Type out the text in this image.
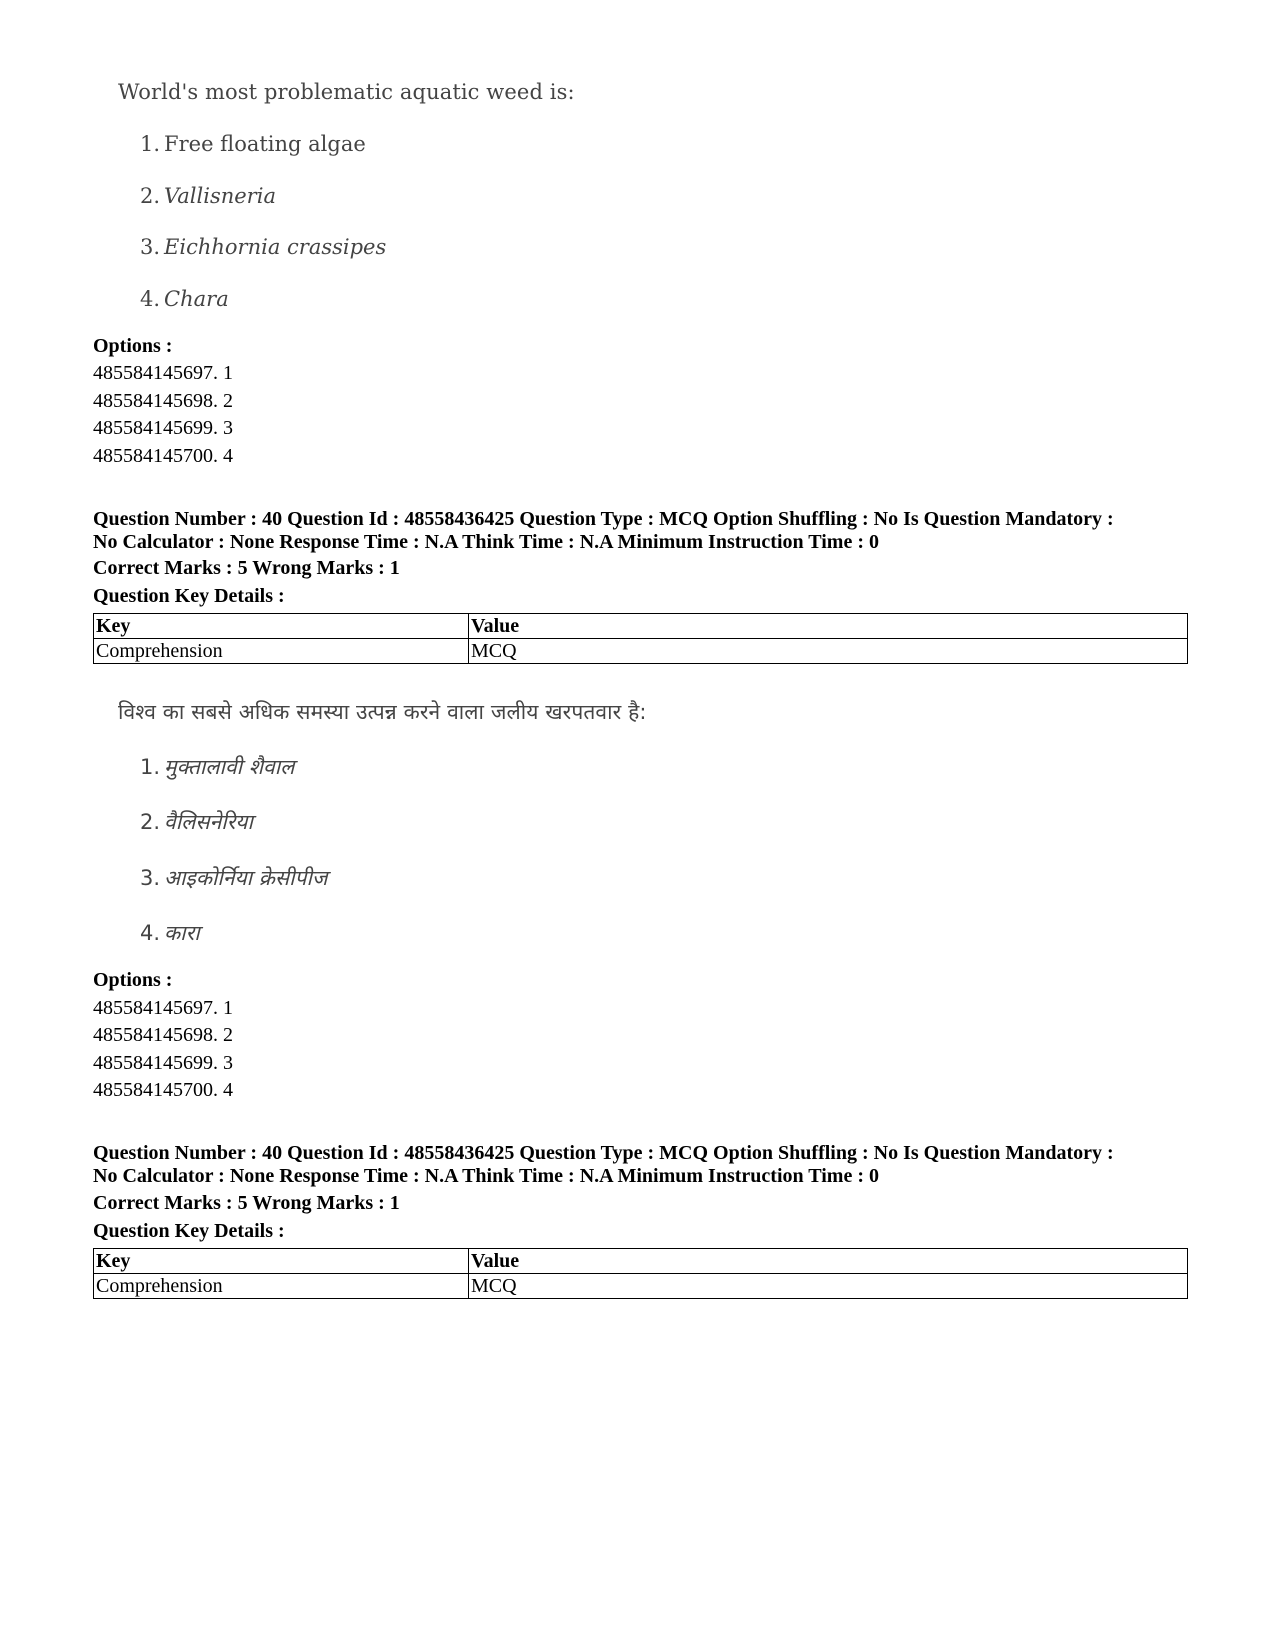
World's most problematic aquatic weed is:
1. Free floating algae
2. Vallisneria
3. Eichhornia crassipes
4. Chara
Options :
485584145697. 1
485584145698. 2
485584145699. 3
485584145700. 4
Question Number : 40 Question Id : 48558436425 Question Type : MCQ Option Shuffling : No Is Question Mandatory :
No Calculator : None Response Time : N.A Think Time : N.A Minimum Instruction Time : 0
Correct Marks : 5 Wrong Marks : 1
Question Key Details :
Key	Value
Comprehension	MCQ
विश्व का सबसे अधिक समस्या उत्पन्न करने वाला जलीय खरपतवार है:
1. मुक्तालावी शैवाल
2. वैलिसनेरिया
3. आइकोर्निया क्रेसीपीज
4. कारा
Options :
485584145697. 1
485584145698. 2
485584145699. 3
485584145700. 4
Question Number : 40 Question Id : 48558436425 Question Type : MCQ Option Shuffling : No Is Question Mandatory :
No Calculator : None Response Time : N.A Think Time : N.A Minimum Instruction Time : 0
Correct Marks : 5 Wrong Marks : 1
Question Key Details :
Key	Value
Comprehension	MCQ
